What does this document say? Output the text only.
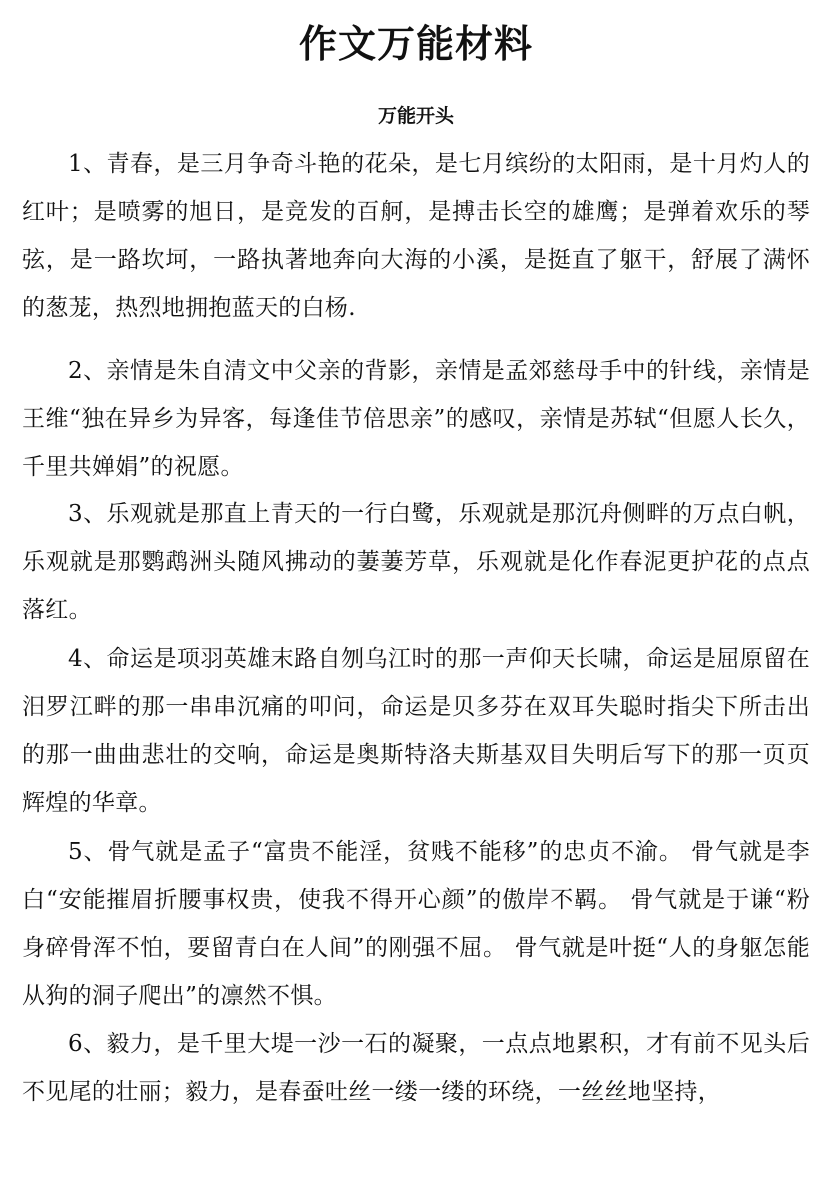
作文万能材料
万能开头

1、青春，是三月争奇斗艳的花朵，是七月缤纷的太阳雨，是十月灼人的红叶；是喷雾的旭日，是竞发的百舸，是搏击长空的雄鹰；是弹着欢乐的琴弦，是一路坎坷，一路执著地奔向大海的小溪，是挺直了躯干，舒展了满怀的葱茏，热烈地拥抱蓝天的白杨.

2、亲情是朱自清文中父亲的背影，亲情是孟郊慈母手中的针线，亲情是王维“独在异乡为异客，每逢佳节倍思亲”的感叹，亲情是苏轼“但愿人长久，千里共婵娟”的祝愿。

3、乐观就是那直上青天的一行白鹭，乐观就是那沉舟侧畔的万点白帆，乐观就是那鹦鹉洲头随风拂动的萋萋芳草，乐观就是化作春泥更护花的点点落红。

4、命运是项羽英雄末路自刎乌江时的那一声仰天长啸，命运是屈原留在汨罗江畔的那一串串沉痛的叩问，命运是贝多芬在双耳失聪时指尖下所击出的那一曲曲悲壮的交响，命运是奥斯特洛夫斯基双目失明后写下的那一页页辉煌的华章。

5、骨气就是孟子“富贵不能淫，贫贱不能移”的忠贞不渝。 骨气就是李白“安能摧眉折腰事权贵，使我不得开心颜”的傲岸不羁。 骨气就是于谦“粉身碎骨浑不怕，要留青白在人间”的刚强不屈。 骨气就是叶挺“人的身躯怎能从狗的洞子爬出”的凛然不惧。

6、毅力，是千里大堤一沙一石的凝聚，一点点地累积，才有前不见头后不见尾的壮丽；毅力，是春蚕吐丝一缕一缕的环绕，一丝丝地坚持，
